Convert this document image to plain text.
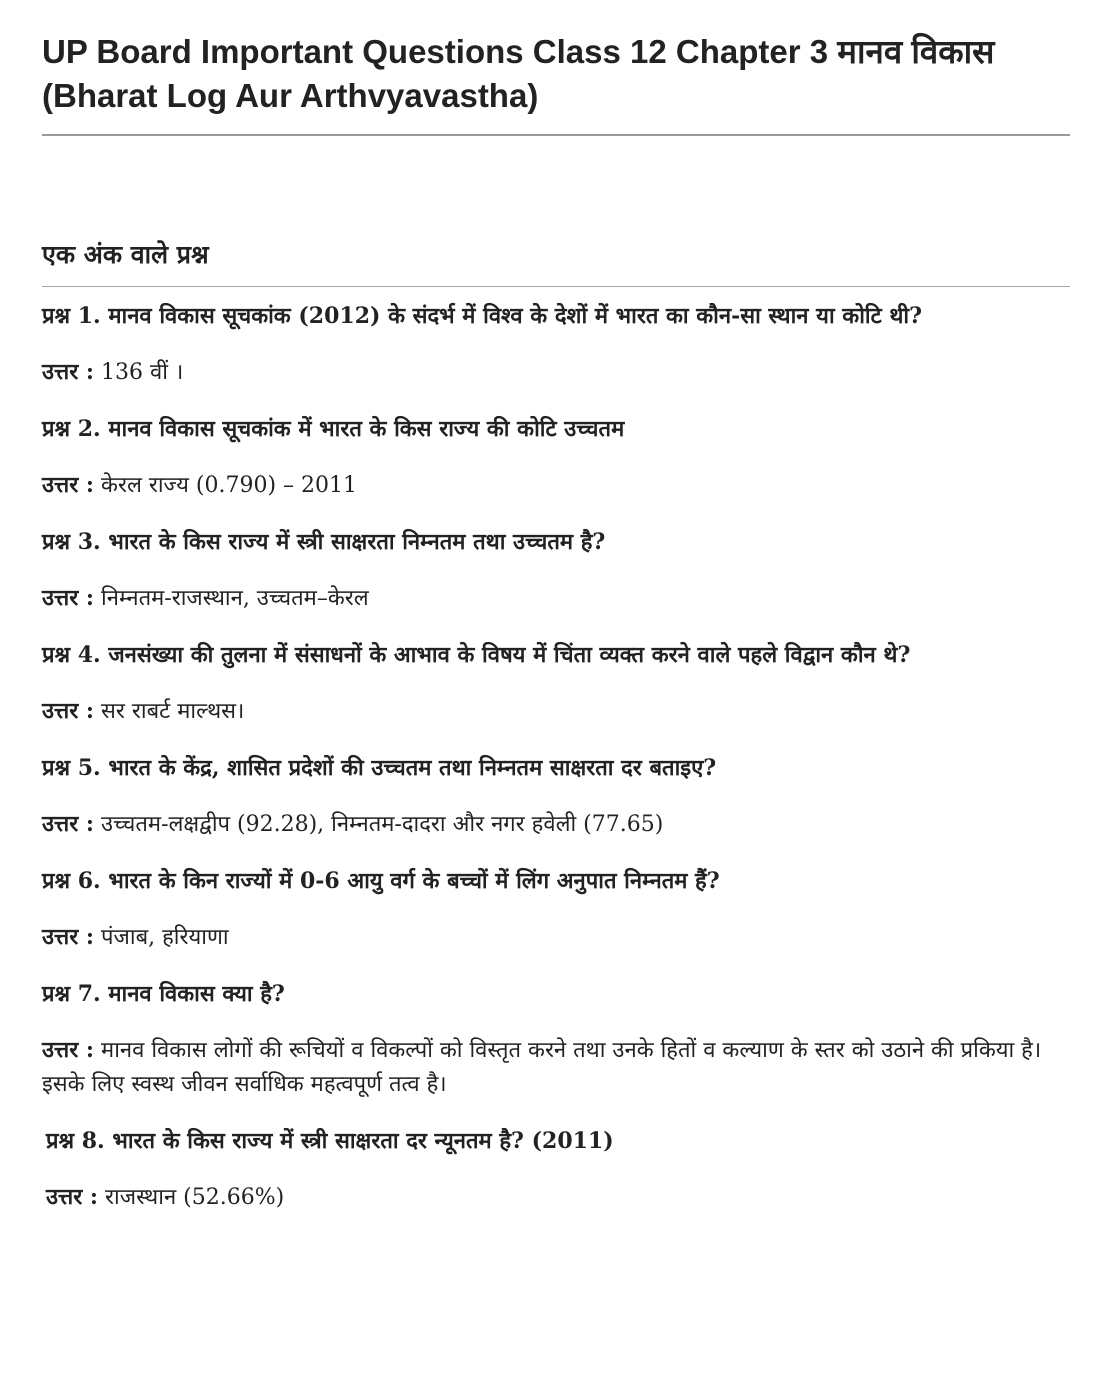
UP Board Important Questions Class 12 Chapter 3 मानव विकास (Bharat Log Aur Arthvyavastha)
एक अंक वाले प्रश्न

प्रश्न 1. मानव विकास सूचकांक (2012) के संदर्भ में विश्व के देशों में भारत का कौन-सा स्थान या कोटि थी?

उत्तर : 136 वीं ।

प्रश्न 2. मानव विकास सूचकांक में भारत के किस राज्य की कोटि उच्चतम

उत्तर : केरल राज्य (0.790) – 2011

प्रश्न 3. भारत के किस राज्य में स्त्री साक्षरता निम्नतम तथा उच्चतम है?

उत्तर : निम्नतम-राजस्थान, उच्चतम–केरल

प्रश्न 4. जनसंख्या की तुलना में संसाधनों के आभाव के विषय में चिंता व्यक्त करने वाले पहले विद्वान कौन थे?

उत्तर : सर राबर्ट माल्थस।

प्रश्न 5. भारत के केंद्र, शासित प्रदेशों की उच्चतम तथा निम्नतम साक्षरता दर बताइए?

उत्तर : उच्चतम-लक्षद्वीप (92.28), निम्नतम-दादरा और नगर हवेली (77.65)

प्रश्न 6. भारत के किन राज्यों में 0-6 आयु वर्ग के बच्चों में लिंग अनुपात निम्नतम हैं?

उत्तर : पंजाब, हरियाणा

प्रश्न 7. मानव विकास क्या है?

उत्तर : मानव विकास लोगों की रूचियों व विकल्पों को विस्तृत करने तथा उनके हितों व कल्याण के स्तर को उठाने की प्रकिया है। इसके लिए स्वस्थ जीवन सर्वाधिक महत्वपूर्ण तत्व है।

प्रश्न 8. भारत के किस राज्य में स्त्री साक्षरता दर न्यूनतम है? (2011)

उत्तर : राजस्थान (52.66%)
